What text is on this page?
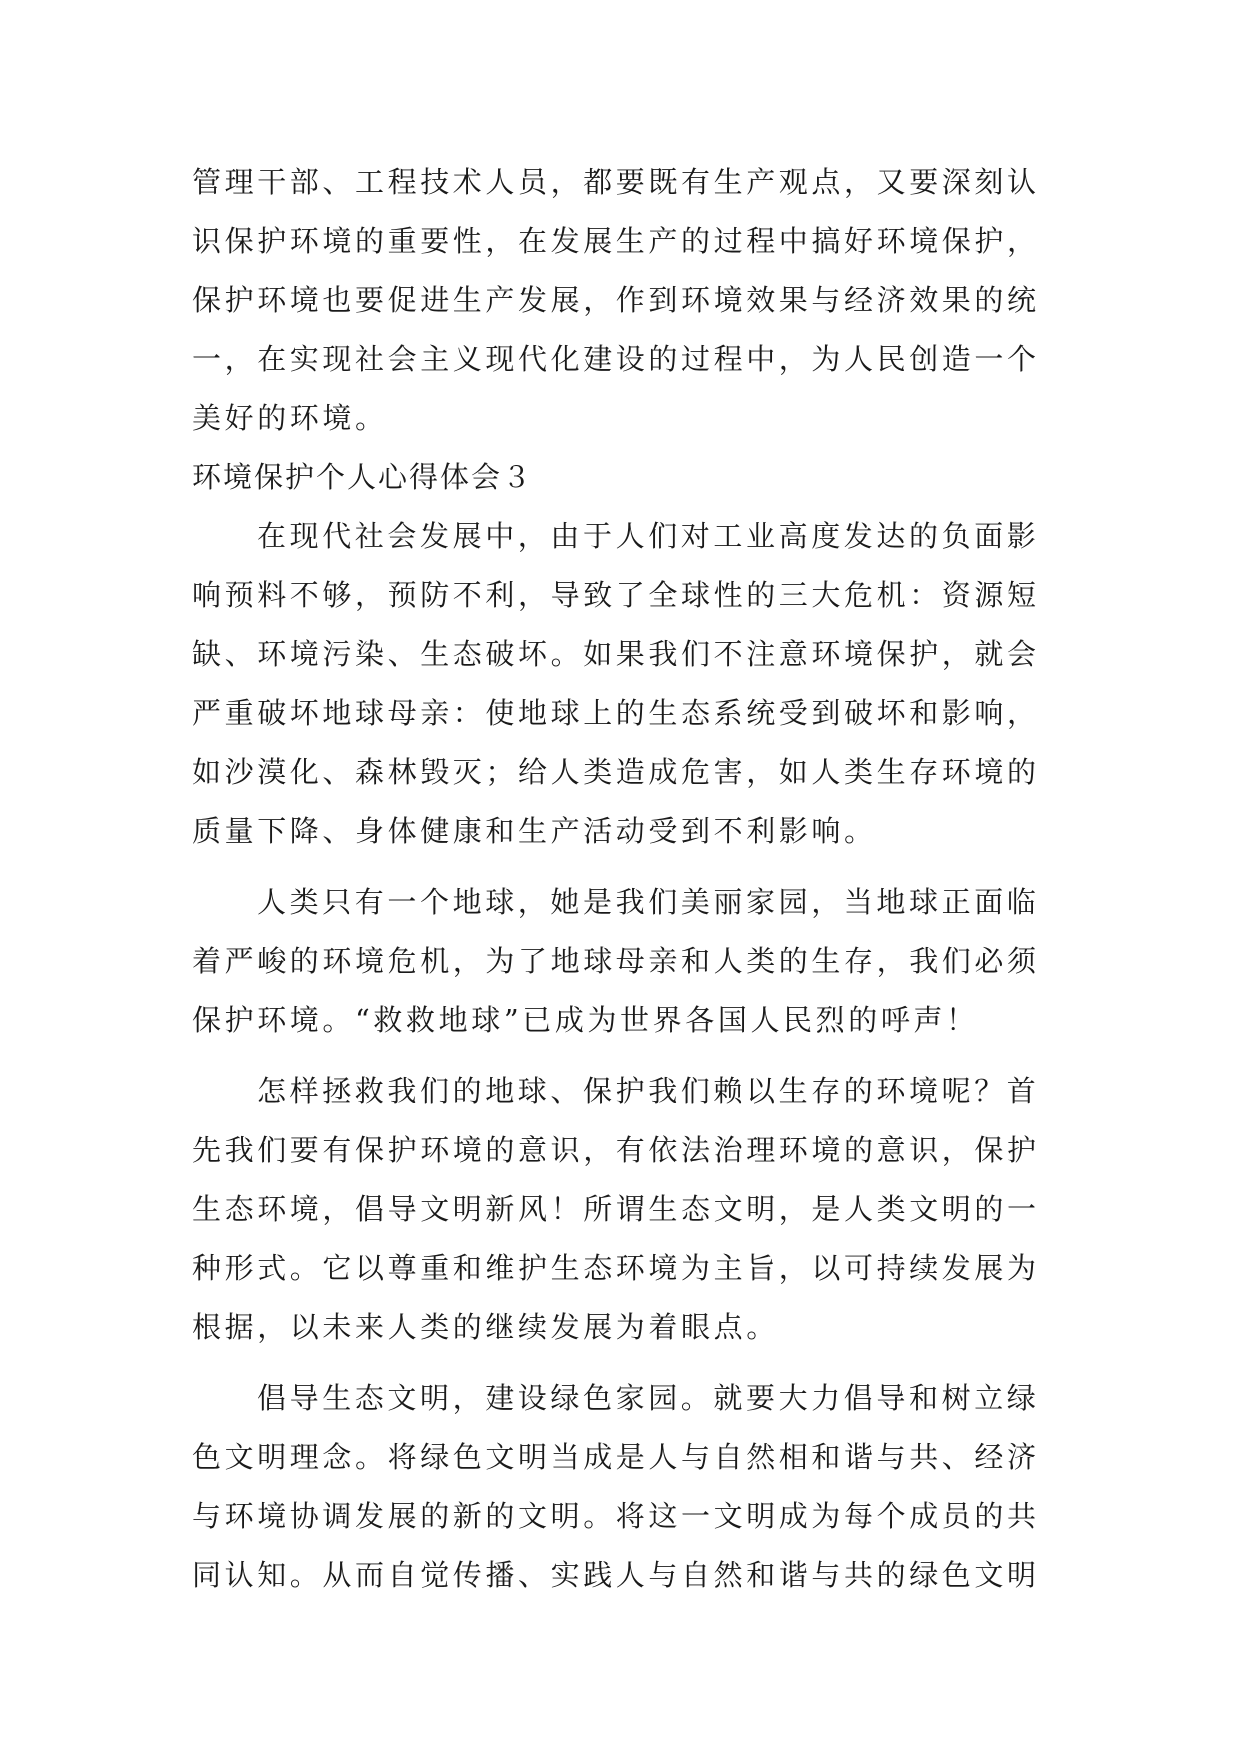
管理干部、工程技术人员，都要既有生产观点，又要深刻认
识保护环境的重要性，在发展生产的过程中搞好环境保护，
保护环境也要促进生产发展，作到环境效果与经济效果的统
一，在实现社会主义现代化建设的过程中，为人民创造一个
美好的环境。
环境保护个人心得体会３
在现代社会发展中，由于人们对工业高度发达的负面影
响预料不够，预防不利，导致了全球性的三大危机：资源短
缺、环境污染、生态破坏。如果我们不注意环境保护，就会
严重破坏地球母亲：使地球上的生态系统受到破坏和影响，
如沙漠化、森林毁灭；给人类造成危害，如人类生存环境的
质量下降、身体健康和生产活动受到不利影响。
人类只有一个地球，她是我们美丽家园，当地球正面临
着严峻的环境危机，为了地球母亲和人类的生存，我们必须
保护环境。“救救地球”已成为世界各国人民烈的呼声！
怎样拯救我们的地球、保护我们赖以生存的环境呢？首
先我们要有保护环境的意识，有依法治理环境的意识，保护
生态环境，倡导文明新风！所谓生态文明，是人类文明的一
种形式。它以尊重和维护生态环境为主旨，以可持续发展为
根据，以未来人类的继续发展为着眼点。
倡导生态文明，建设绿色家园。就要大力倡导和树立绿
色文明理念。将绿色文明当成是人与自然相和谐与共、经济
与环境协调发展的新的文明。将这一文明成为每个成员的共
同认知。从而自觉传播、实践人与自然和谐与共的绿色文明
